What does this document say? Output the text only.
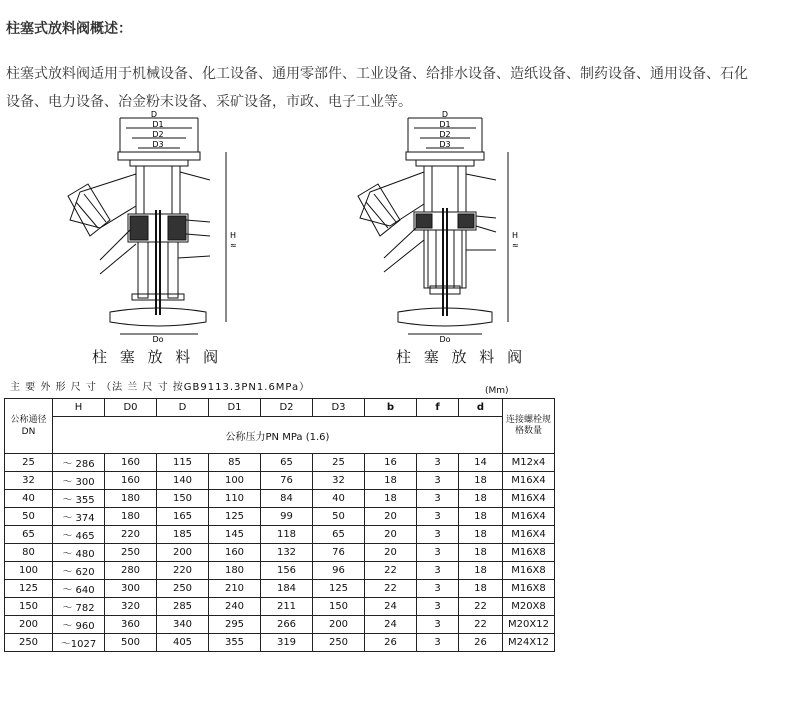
柱塞式放料阀概述：
柱塞式放料阀适用于机械设备、化工设备、通用零部件、工业设备、给排水设备、造纸设备、制药设备、通用设备、石化
设备、电力设备、冶金粉末设备、采矿设备，市政、电子工业等。
D
D1
D2
D3
Do
H
≈
D
D1
D2
D3
Do
H
≈
柱 塞 放 料 阀	柱 塞 放 料 阀
主 要 外 形 尺 寸 （法 兰 尺 寸 按GB9113.3PN1.6MPa）	(Mm)
公称通径DN	H	D0	D	D1	D2	D3	b	f	d	连接螺栓规格数量
	公称压力PN MPa (1.6)									
25	～ 286	160	115	85	65	25	16	3	14	M12x4
32	～ 300	160	140	100	76	32	18	3	18	M16X4
40	～ 355	180	150	110	84	40	18	3	18	M16X4
50	～ 374	180	165	125	99	50	20	3	18	M16X4
65	～ 465	220	185	145	118	65	20	3	18	M16X4
80	～ 480	250	200	160	132	76	20	3	18	M16X8
100	～ 620	280	220	180	156	96	22	3	18	M16X8
125	～ 640	300	250	210	184	125	22	3	18	M16X8
150	～ 782	320	285	240	211	150	24	3	22	M20X8
200	～ 960	360	340	295	266	200	24	3	22	M20X12
250	～1027	500	405	355	319	250	26	3	26	M24X12
